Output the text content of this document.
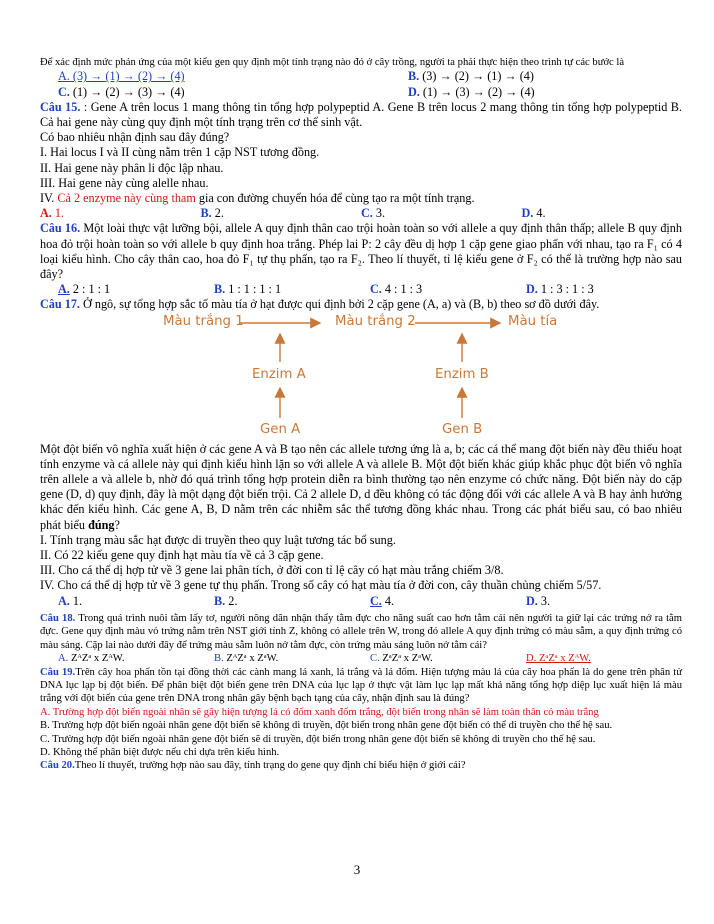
Để xác định mức phản ứng của một kiểu gen quy định một tính trạng nào đó ở cây trồng, người ta phải thực hiện theo trình tự các bước là

A. (3) → (1) → (2) → (4)	B. (3) → (2) → (1) → (4)
C. (1) → (2) → (3) → (4)	D. (1) → (3) → (2) → (4)

Câu 15. : Gene A trên locus 1 mang thông tin tổng hợp polypeptid A. Gene B trên locus 2 mang thông tin tổng hợp polypeptid B. Cả hai gene này cùng quy định một tính trạng trên cơ thể sinh vật.

Có bao nhiêu nhận định sau đây đúng?

I. Hai locus I và II cùng nằm trên 1 cặp NST tương đồng.

II. Hai gene này phân li độc lập nhau.

III. Hai gene này cùng alelle nhau.

IV. Cả 2 enzyme này cùng tham gia con đường chuyển hóa để cùng tạo ra một tính trạng.

A. 1.	B. 2.	C. 3.	D. 4.

Câu 16. Một loài thực vật lưỡng bội, allele A quy định thân cao trội hoàn toàn so với allele a quy định thân thấp; allele B quy định hoa đỏ trội hoàn toàn so với allele b quy định hoa trắng. Phép lai P: 2 cây đều dị hợp 1 cặp gene giao phấn với nhau, tạo ra F₁ có 4 loại kiểu hình. Cho cây thân cao, hoa đỏ F₁ tự thụ phấn, tạo ra F₂. Theo lí thuyết, tỉ lệ kiểu gene ở F₂ có thể là trường hợp nào sau đây?

A. 2 : 1 : 1	B. 1 : 1 : 1 : 1	C. 4 : 1 : 3	D. 1 : 3 : 1 : 3

Câu 17. Ở ngô, sự tổng hợp sắc tố màu tía ở hạt được qui định bởi 2 cặp gene (A, a) và (B, b) theo sơ đồ dưới đây.

Màu trắng 1	Màu trắng 2	Màu tía
Enzim A	Enzim B
Gen A	Gen B

Một đột biến vô nghĩa xuất hiện ở các gene A và B tạo nên các allele tương ứng là a, b; các cá thể mang đột biến này đều thiếu hoạt tính enzyme và cá allele này qui định kiểu hình lặn so với allele A và allele B. Một đột biến khác giúp khắc phục đột biến vô nghĩa trên allele a và allele b, nhờ đó quá trình tổng hợp protein diễn ra bình thường tạo nên enzyme có chức năng. Đột biến này do cặp gene (D, d) quy định, đây là một dạng đột biến trội. Cả 2 allele D, d đều không có tác động đối với các allele A và B hay ảnh hưởng khác đến kiểu hình. Các gene A, B, D nằm trên các nhiễm sắc thể tương đồng khác nhau. Trong các phát biểu sau, có bao nhiêu phát biểu đúng?

I. Tính trạng màu sắc hạt được di truyền theo quy luật tương tác bổ sung.

II. Có 22 kiểu gene quy định hạt màu tía về cả 3 cặp gene.

III. Cho cá thể dị hợp tử về 3 gene lai phân tích, ở đời con tỉ lệ cây có hạt màu trắng chiếm 3/8.

IV. Cho cá thể dị hợp tử về 3 gene tự thụ phấn. Trong số cây có hạt màu tía ở đời con, cây thuần chủng chiếm 5/57.

A. 1.	B. 2.	C. 4.	D. 3.

Câu 18. Trong quá trình nuôi tằm lấy tơ, người nông dân nhận thấy tằm đực cho năng suất cao hơn tằm cái nên người ta giữ lại các trứng nở ra tằm đực. Gene quy định màu vỏ trứng nằm trên NST giới tính Z, không có allele trên W, trong đó allele A quy định trứng có màu sẫm, a quy định trứng có màu sáng. Cặp lai nào dưới đây để trứng màu sẫm luôn nở tằm đực, còn trứng màu sáng luôn nở tằm cái?

A. ZᴬZᵃ x ZᴬW.	B. ZᴬZᵃ x ZᵃW.	C. ZᵃZᵃ x ZᵃW.	D. ZᵃZᵃ x ZᴬW.

Câu 19.Trên cây hoa phấn tồn tại đồng thời các cành mang lá xanh, lá trắng và lá đốm. Hiện tượng màu lá của cây hoa phấn là do gene trên phân tử DNA lục lạp bị đột biến. Để phân biệt đột biến gene trên DNA của lục lạp ở thực vật làm lục lạp mất khả năng tổng hợp diệp lục xuất hiện lá màu trắng với đột biến của gene trên DNA trong nhân gây bệnh bạch tạng của cây, nhận định sau là đúng?

A. Trường hợp đột biến ngoài nhân sẽ gây hiện tượng lá có đốm xanh đốm trắng, đột biến trong nhân sẽ làm toàn thân có màu trắng

B. Trường hợp đột biến ngoài nhân gene đột biến sẽ không di truyền, đột biến trong nhân gene đột biến có thể di truyền cho thế hệ sau.

C. Trường hợp đột biến ngoài nhân gene đột biến sẽ di truyền, đột biến trong nhân gene đột biến sẽ không di truyền cho thế hệ sau.

D. Không thể phân biệt được nếu chỉ dựa trên kiểu hình.

Câu 20.Theo lí thuyết, trường hợp nào sau đây, tính trạng do gene quy định chỉ biểu hiện ở giới cái?

3
